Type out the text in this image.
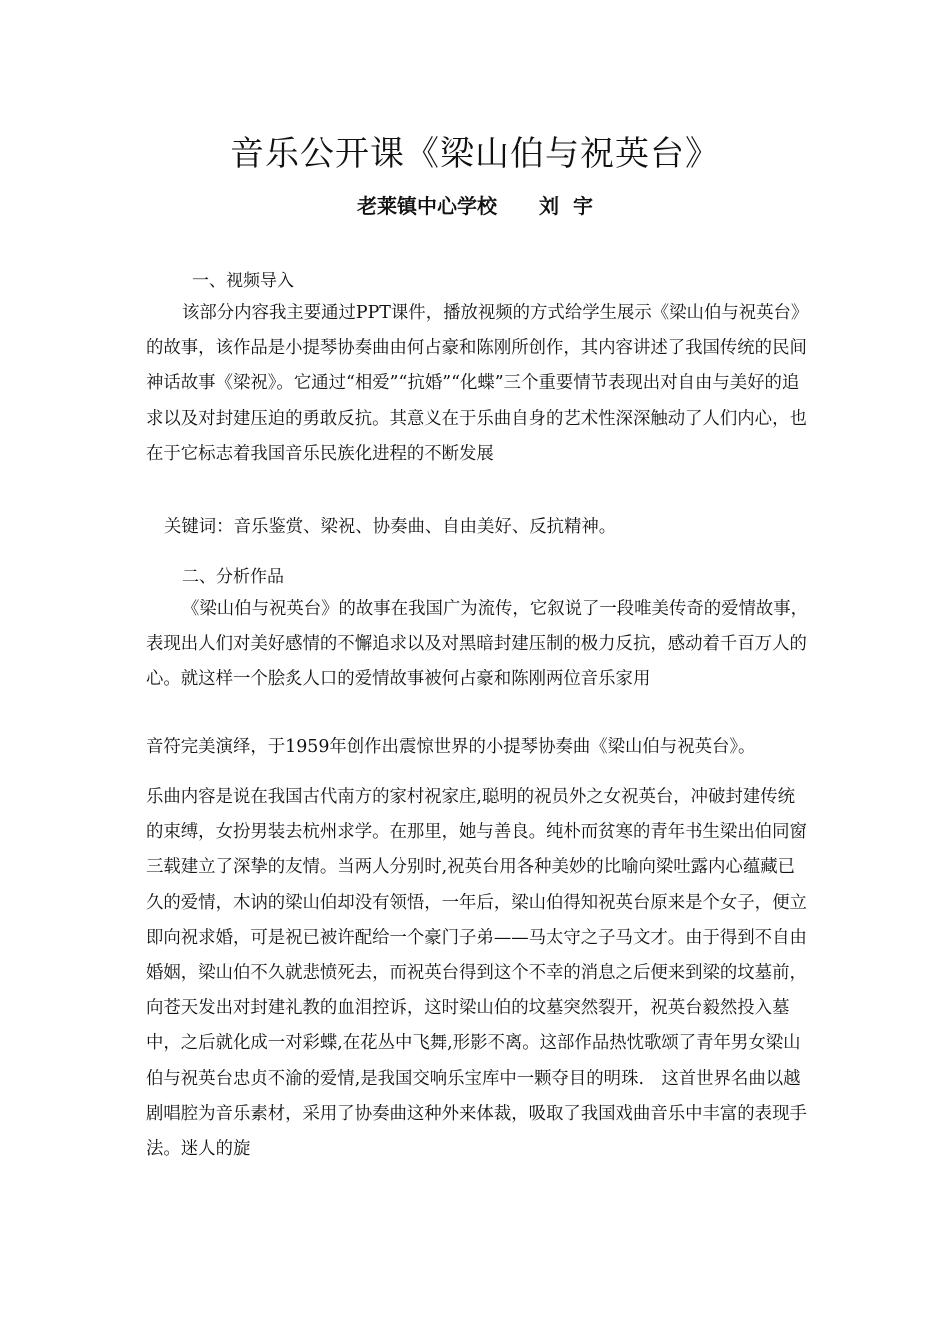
音乐公开课《梁山伯与祝英台》
老莱镇中心学校 刘  宇
一、视频导入

该部分内容我主要通过PPT课件，播放视频的方式给学生展示《梁山伯与祝英台》的故事，该作品是小提琴协奏曲由何占豪和陈刚所创作，其内容讲述了我国传统的民间神话故事《梁祝》。它通过“相爱”“抗婚”“化蝶”三个重要情节表现出对自由与美好的追求以及对封建压迫的勇敢反抗。其意义在于乐曲自身的艺术性深深触动了人们内心，也在于它标志着我国音乐民族化进程的不断发展

关键词：音乐鉴赏、梁祝、协奏曲、自由美好、反抗精神。

二、分析作品

《梁山伯与祝英台》的故事在我国广为流传，它叙说了一段唯美传奇的爱情故事，表现出人们对美好感情的不懈追求以及对黑暗封建压制的极力反抗，感动着千百万人的心。就这样一个脍炙人口的爱情故事被何占豪和陈刚两位音乐家用

音符完美演绎，于1959年创作出震惊世界的小提琴协奏曲《梁山伯与祝英台》。

乐曲内容是说在我国古代南方的家村祝家庄,聪明的祝员外之女祝英台，冲破封建传统的束缚，女扮男装去杭州求学。在那里，她与善良。纯朴而贫寒的青年书生梁出伯同窗三载建立了深挚的友情。当两人分别时,祝英台用各种美妙的比喻向梁吐露内心蕴藏已久的爱情，木讷的梁山伯却没有领悟，一年后，梁山伯得知祝英台原来是个女子，便立即向祝求婚，可是祝已被许配给一个豪门子弟——马太守之子马文才。由于得到不自由婚姻，梁山伯不久就悲愤死去，而祝英台得到这个不幸的消息之后便来到梁的坟墓前，向苍天发出对封建礼教的血泪控诉，这时梁山伯的坟墓突然裂开，祝英台毅然投入墓中，之后就化成一对彩蝶,在花丛中飞舞,形影不离。这部作品热忱歌颂了青年男女梁山伯与祝英台忠贞不渝的爱情,是我国交响乐宝库中一颗夺目的明珠.　这首世界名曲以越剧唱腔为音乐素材，采用了协奏曲这种外来体裁，吸取了我国戏曲音乐中丰富的表现手法。迷人的旋
